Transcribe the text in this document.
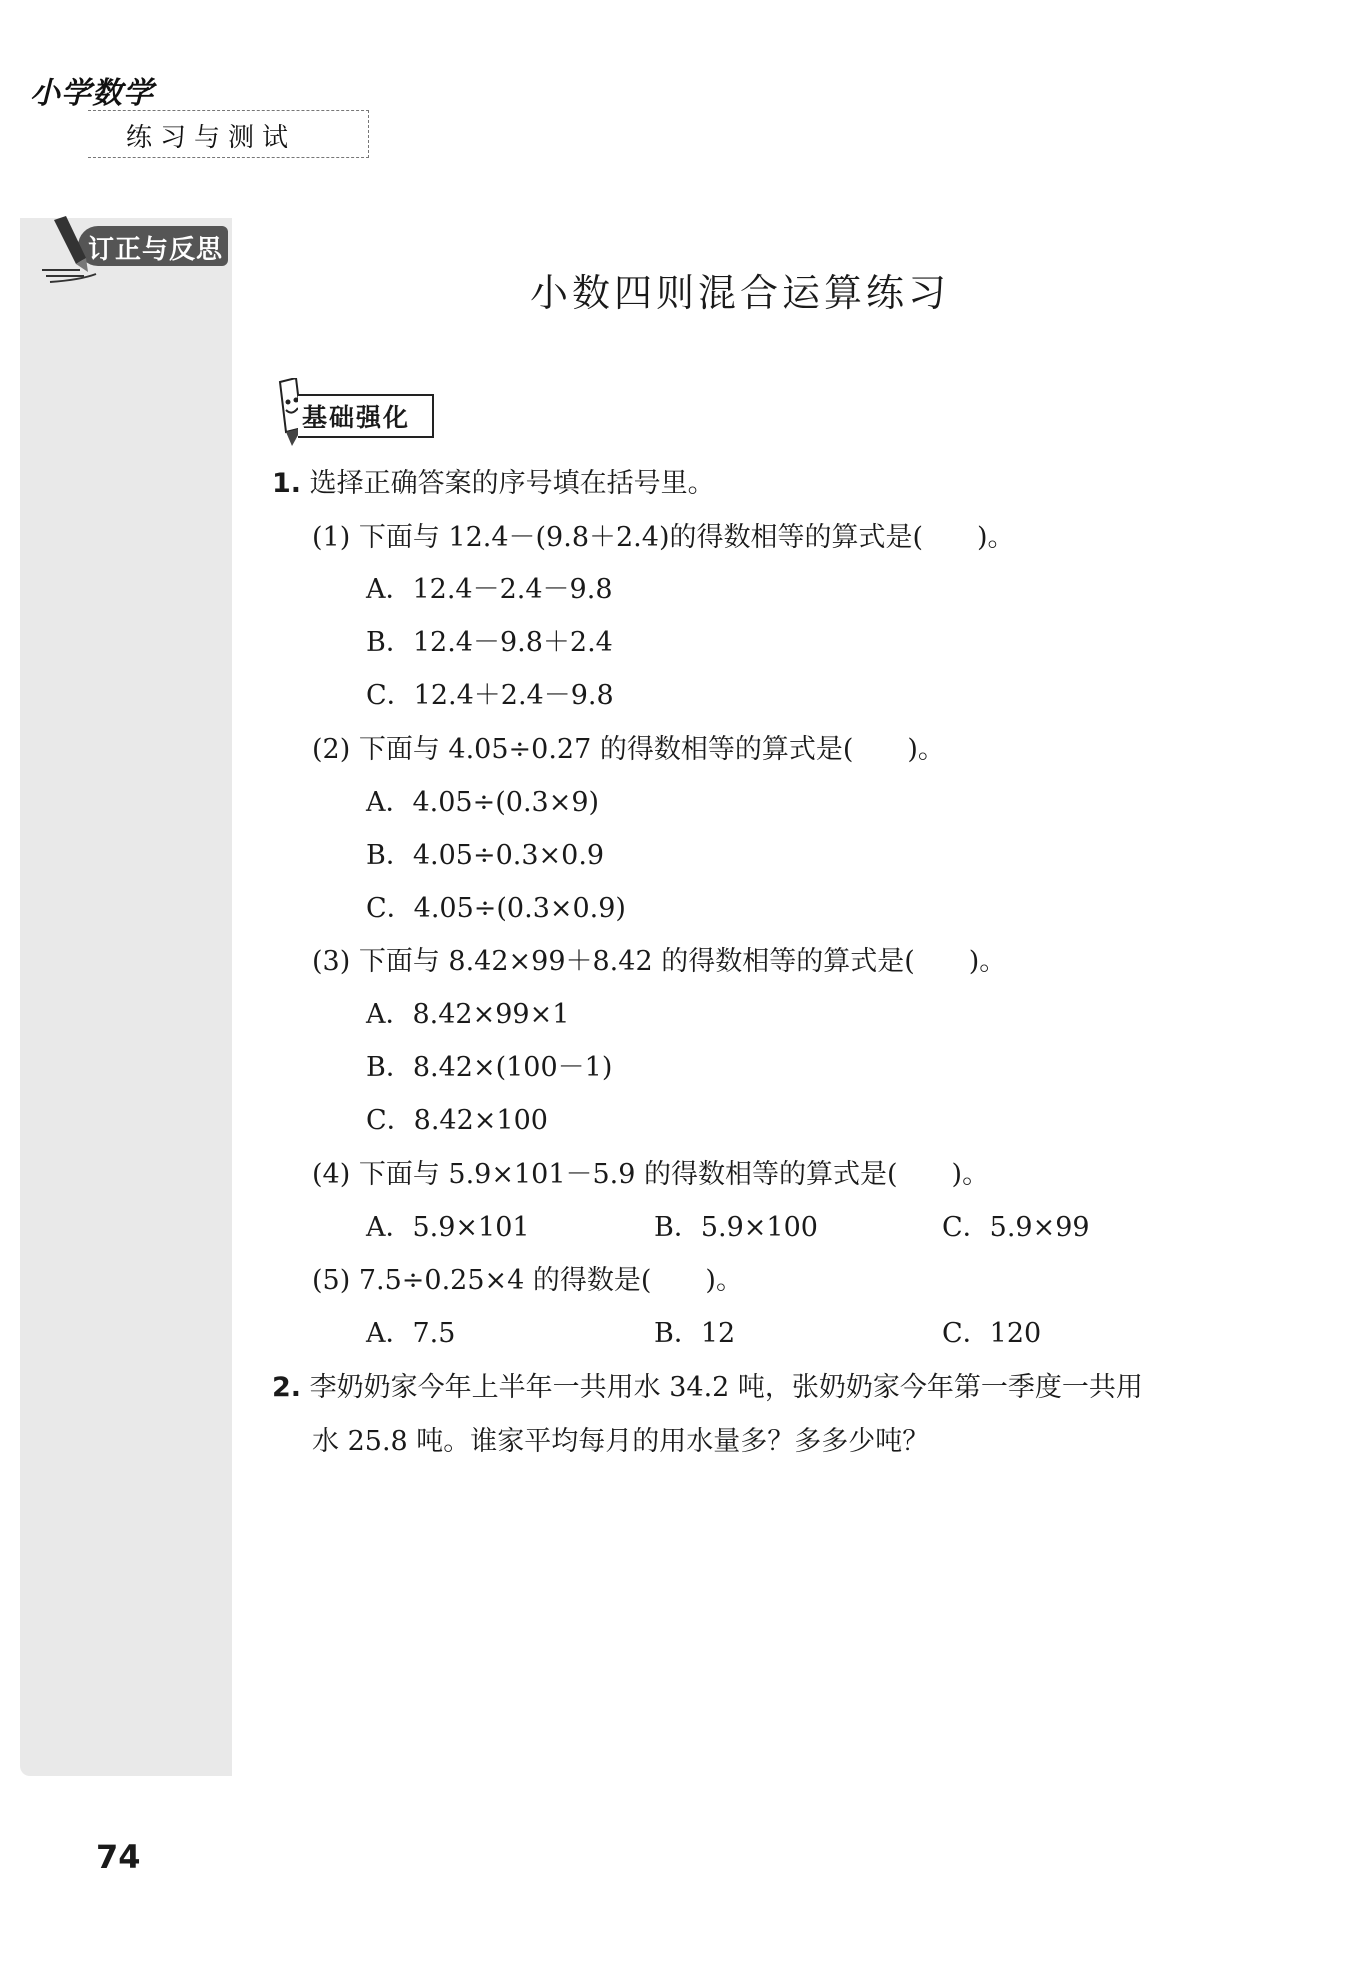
小学数学
练习与测试
订正与反思
小数四则混合运算练习
基础强化
1. 选择正确答案的序号填在括号里。
(1) 下面与 12.4－(9.8＋2.4)的得数相等的算式是(　　)。
A．12.4－2.4－9.8
B．12.4－9.8＋2.4
C．12.4＋2.4－9.8
(2) 下面与 4.05÷0.27 的得数相等的算式是(　　)。
A．4.05÷(0.3×9)
B．4.05÷0.3×0.9
C．4.05÷(0.3×0.9)
(3) 下面与 8.42×99＋8.42 的得数相等的算式是(　　)。
A．8.42×99×1
B．8.42×(100－1)
C．8.42×100
(4) 下面与 5.9×101－5.9 的得数相等的算式是(　　)。
A．5.9×101	B．5.9×100	C．5.9×99
(5) 7.5÷0.25×4 的得数是(　　)。
A．7.5	B．12	C．120
2. 李奶奶家今年上半年一共用水 34.2 吨，张奶奶家今年第一季度一共用
水 25.8 吨。谁家平均每月的用水量多？多多少吨？
74
